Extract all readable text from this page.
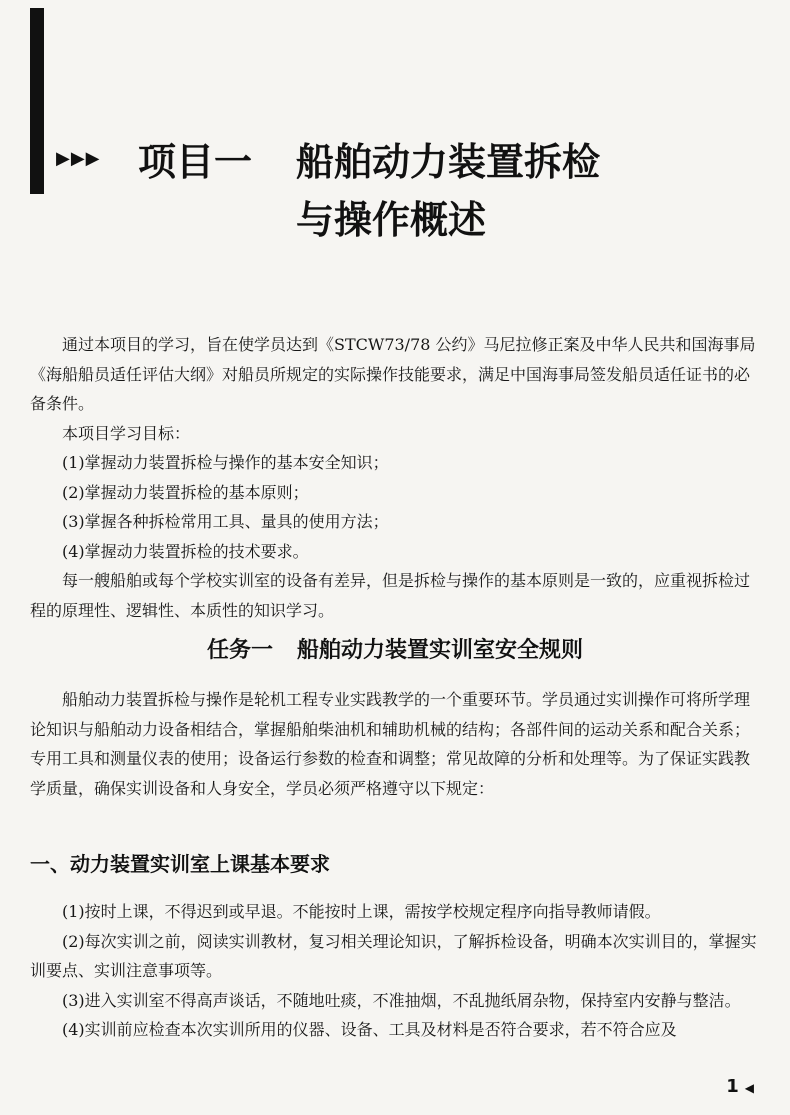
▶▶▶ 项目一 船舶动力装置拆检
与操作概述

通过本项目的学习，旨在使学员达到《STCW73/78 公约》马尼拉修正案及中华人民共和国海事局《海船船员适任评估大纲》对船员所规定的实际操作技能要求，满足中国海事局签发船员适任证书的必备条件。

本项目学习目标：

(1)掌握动力装置拆检与操作的基本安全知识；

(2)掌握动力装置拆检的基本原则；

(3)掌握各种拆检常用工具、量具的使用方法；

(4)掌握动力装置拆检的技术要求。

每一艘船舶或每个学校实训室的设备有差异，但是拆检与操作的基本原则是一致的，应重视拆检过程的原理性、逻辑性、本质性的知识学习。

任务一 船舶动力装置实训室安全规则

船舶动力装置拆检与操作是轮机工程专业实践教学的一个重要环节。学员通过实训操作可将所学理论知识与船舶动力设备相结合，掌握船舶柴油机和辅助机械的结构；各部件间的运动关系和配合关系；专用工具和测量仪表的使用；设备运行参数的检查和调整；常见故障的分析和处理等。为了保证实践教学质量，确保实训设备和人身安全，学员必须严格遵守以下规定：

一、动力装置实训室上课基本要求

(1)按时上课，不得迟到或早退。不能按时上课，需按学校规定程序向指导教师请假。

(2)每次实训之前，阅读实训教材，复习相关理论知识，了解拆检设备，明确本次实训目的，掌握实训要点、实训注意事项等。

(3)进入实训室不得高声谈话，不随地吐痰，不准抽烟，不乱抛纸屑杂物，保持室内安静与整洁。

(4)实训前应检查本次实训所用的仪器、设备、工具及材料是否符合要求，若不符合应及

1 ◀
